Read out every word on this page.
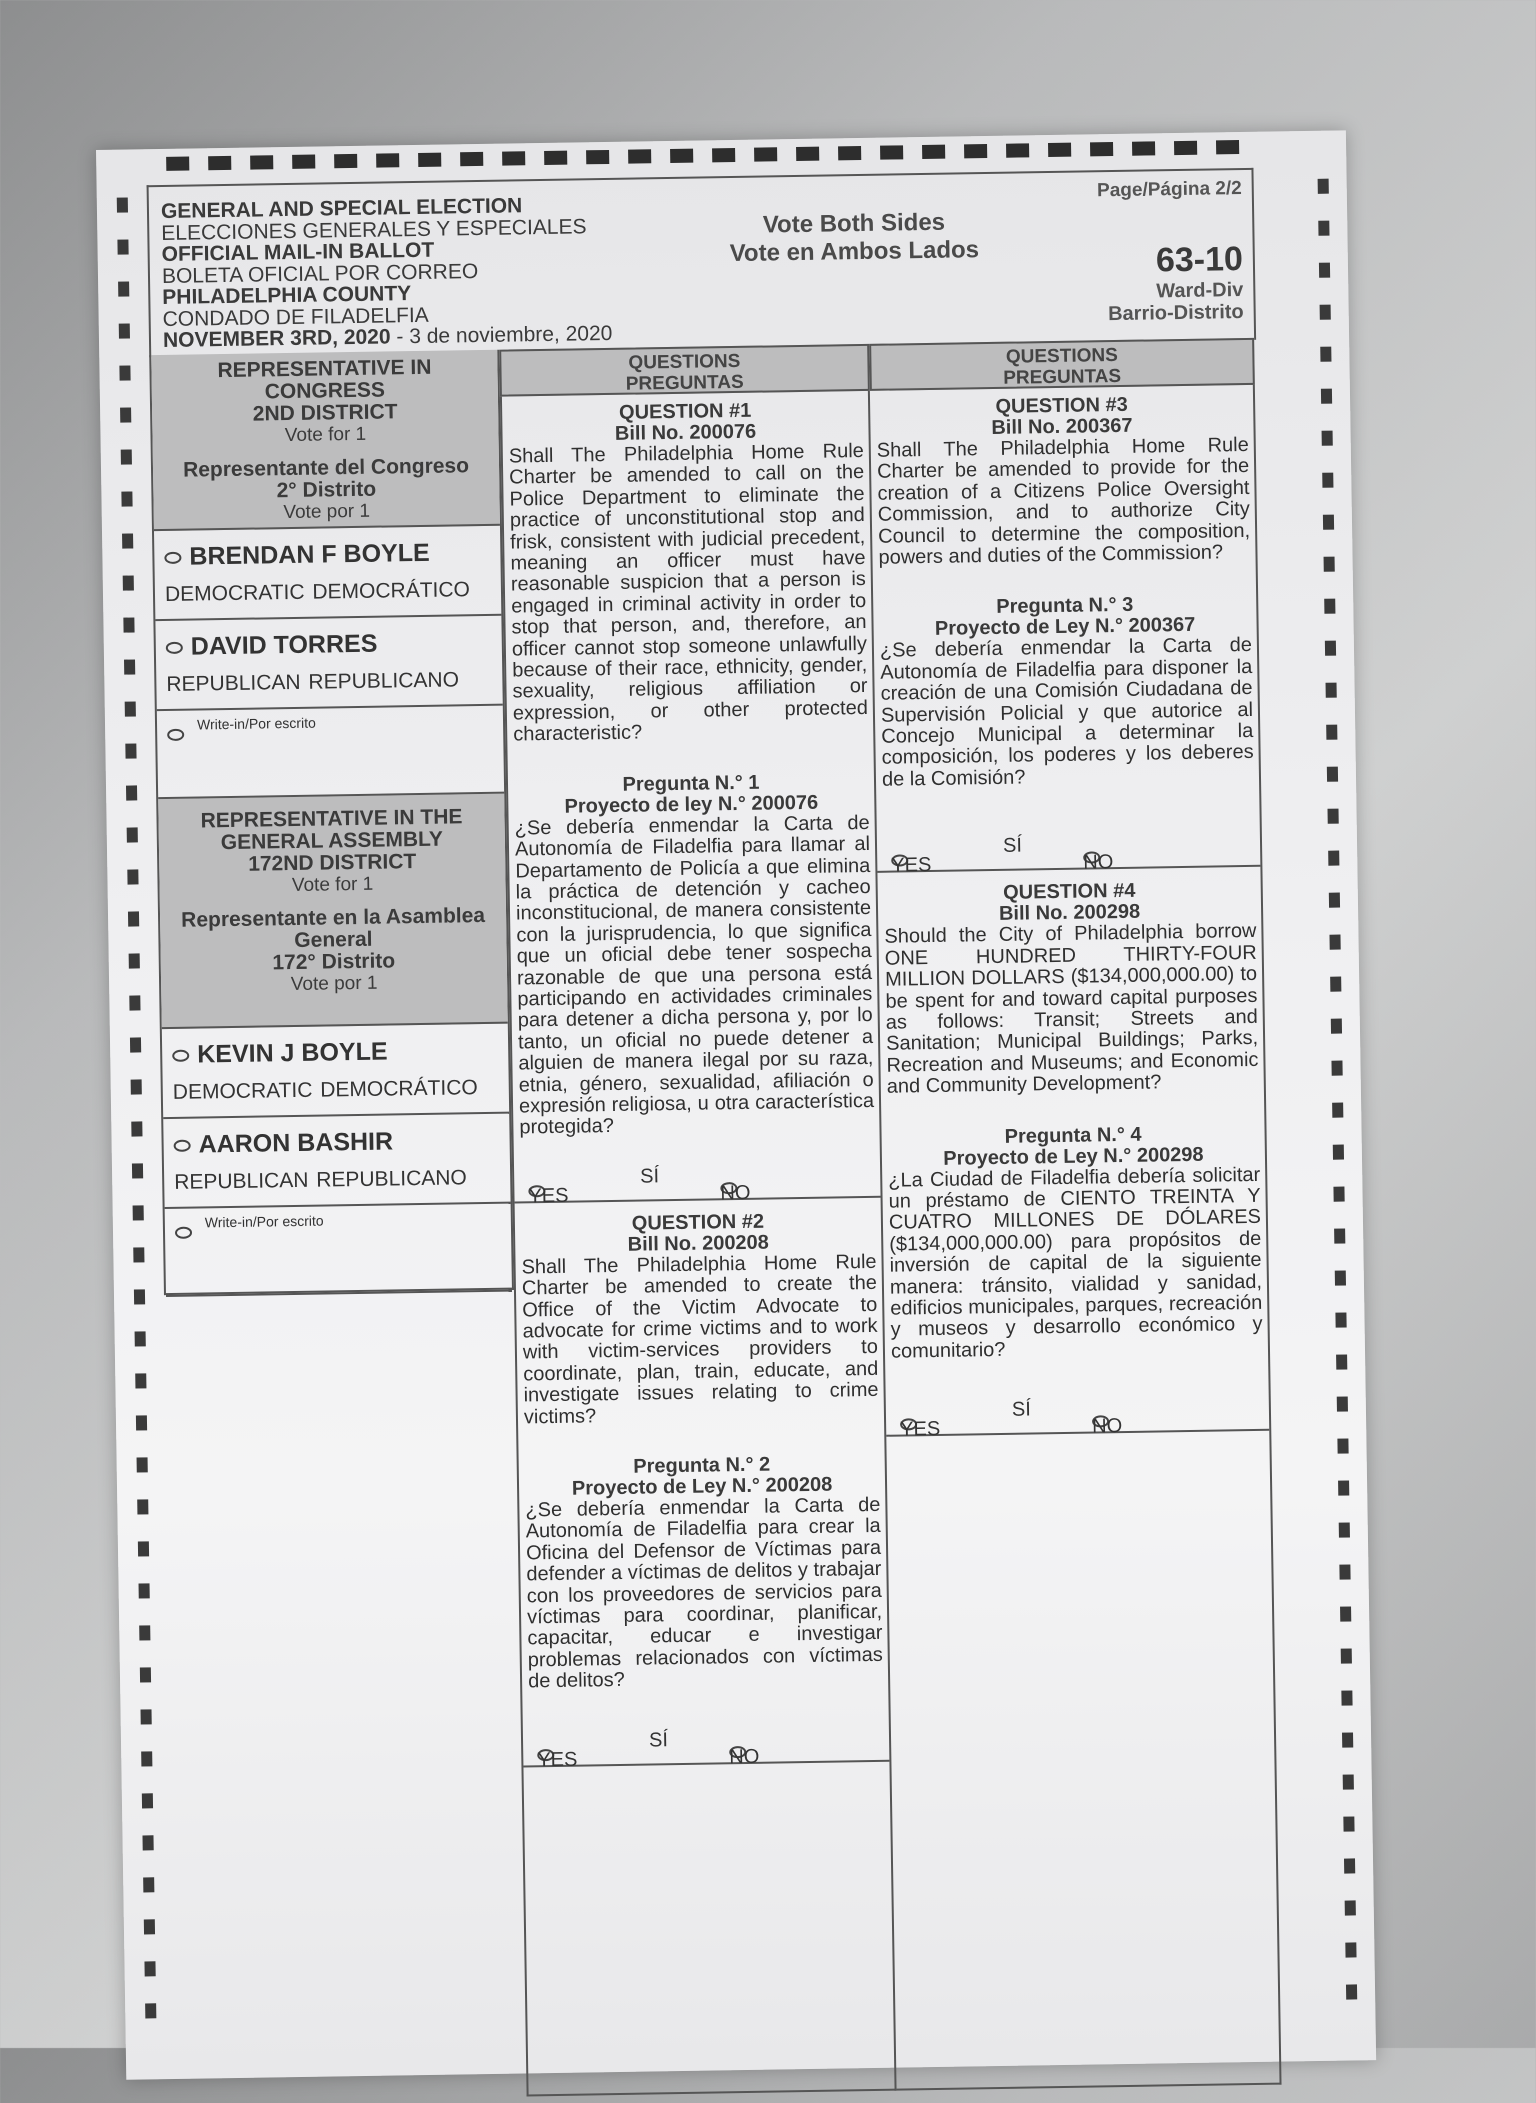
GENERAL AND SPECIAL ELECTION
ELECCIONES GENERALES Y ESPECIALES
OFFICIAL MAIL-IN BALLOT
BOLETA OFICIAL POR CORREO
PHILADELPHIA COUNTY
CONDADO DE FILADELFIA
NOVEMBER 3RD, 2020 - 3 de noviembre, 2020
Vote Both Sides
Vote en Ambos Lados
Page/Página 2/2
63-10
Ward-Div
Barrio-Distrito
REPRESENTATIVE IN
CONGRESS
2ND DISTRICT
Vote for 1
Representante del Congreso
2° Distrito
Vote por 1
BRENDAN F BOYLE
DEMOCRATIC DEMOCRÁTICO
DAVID TORRES
REPUBLICAN REPUBLICANO
Write-in/Por escrito
REPRESENTATIVE IN THE
GENERAL ASSEMBLY
172ND DISTRICT
Vote for 1
Representante en la Asamblea
General
172° Distrito
Vote por 1
KEVIN J BOYLE
DEMOCRATIC DEMOCRÁTICO
AARON BASHIR
REPUBLICAN REPUBLICANO
Write-in/Por escrito
QUESTIONS
PREGUNTAS
QUESTION #1
Bill No. 200076
Shall The Philadelphia Home Rule Charter be amended to call on the Police Department to eliminate the practice of unconstitutional stop and frisk, consistent with judicial precedent, meaning an officer must have reasonable suspicion that a person is engaged in criminal activity in order to stop that person, and, therefore, an officer cannot stop someone unlawfully because of their race, ethnicity, gender, sexuality, religious affiliation or expression, or other protected characteristic?
Pregunta N.° 1
Proyecto de ley N.° 200076
¿Se debería enmendar la Carta de Autonomía de Filadelfia para llamar al Departamento de Policía a que elimina la práctica de detención y cacheo inconstitucional, de manera consistente con la jurisprudencia, lo que significa que un oficial debe tener sospecha razonable de que una persona está participando en actividades criminales para detener a dicha persona y, por lo tanto, un oficial no puede detener a alguien de manera ilegal por su raza, etnia, género, sexualidad, afiliación o expresión religiosa, u otra característica protegida?
YES
SÍ
NO
QUESTION #2
Bill No. 200208
Shall The Philadelphia Home Rule Charter be amended to create the Office of the Victim Advocate to advocate for crime victims and to work with victim-services providers to coordinate, plan, train, educate, and investigate issues relating to crime victims?
Pregunta N.° 2
Proyecto de Ley N.° 200208
¿Se debería enmendar la Carta de Autonomía de Filadelfia para crear la Oficina del Defensor de Víctimas para defender a víctimas de delitos y trabajar con los proveedores de servicios para víctimas para coordinar, planificar, capacitar, educar e investigar problemas relacionados con víctimas de delitos?
YES
SÍ
NO
QUESTIONS
PREGUNTAS
QUESTION #3
Bill No. 200367
Shall The Philadelphia Home Rule Charter be amended to provide for the creation of a Citizens Police Oversight Commission, and to authorize City Council to determine the composition, powers and duties of the Commission?
Pregunta N.° 3
Proyecto de Ley N.° 200367
¿Se debería enmendar la Carta de Autonomía de Filadelfia para disponer la creación de una Comisión Ciudadana de Supervisión Policial y que autorice al Concejo Municipal a determinar la composición, los poderes y los deberes de la Comisión?
YES
SÍ
NO
QUESTION #4
Bill No. 200298
Should the City of Philadelphia borrow ONE HUNDRED THIRTY-FOUR MILLION DOLLARS ($134,000,000.00) to be spent for and toward capital purposes as follows: Transit; Streets and Sanitation; Municipal Buildings; Parks, Recreation and Museums; and Economic and Community Development?
Pregunta N.° 4
Proyecto de Ley N.° 200298
¿La Ciudad de Filadelfia debería solicitar un préstamo de CIENTO TREINTA Y CUATRO MILLONES DE DÓLARES ($134,000,000.00) para propósitos de inversión de capital de la siguiente manera: tránsito, vialidad y sanidad, edificios municipales, parques, recreación y museos y desarrollo económico y comunitario?
YES
SÍ
NO
